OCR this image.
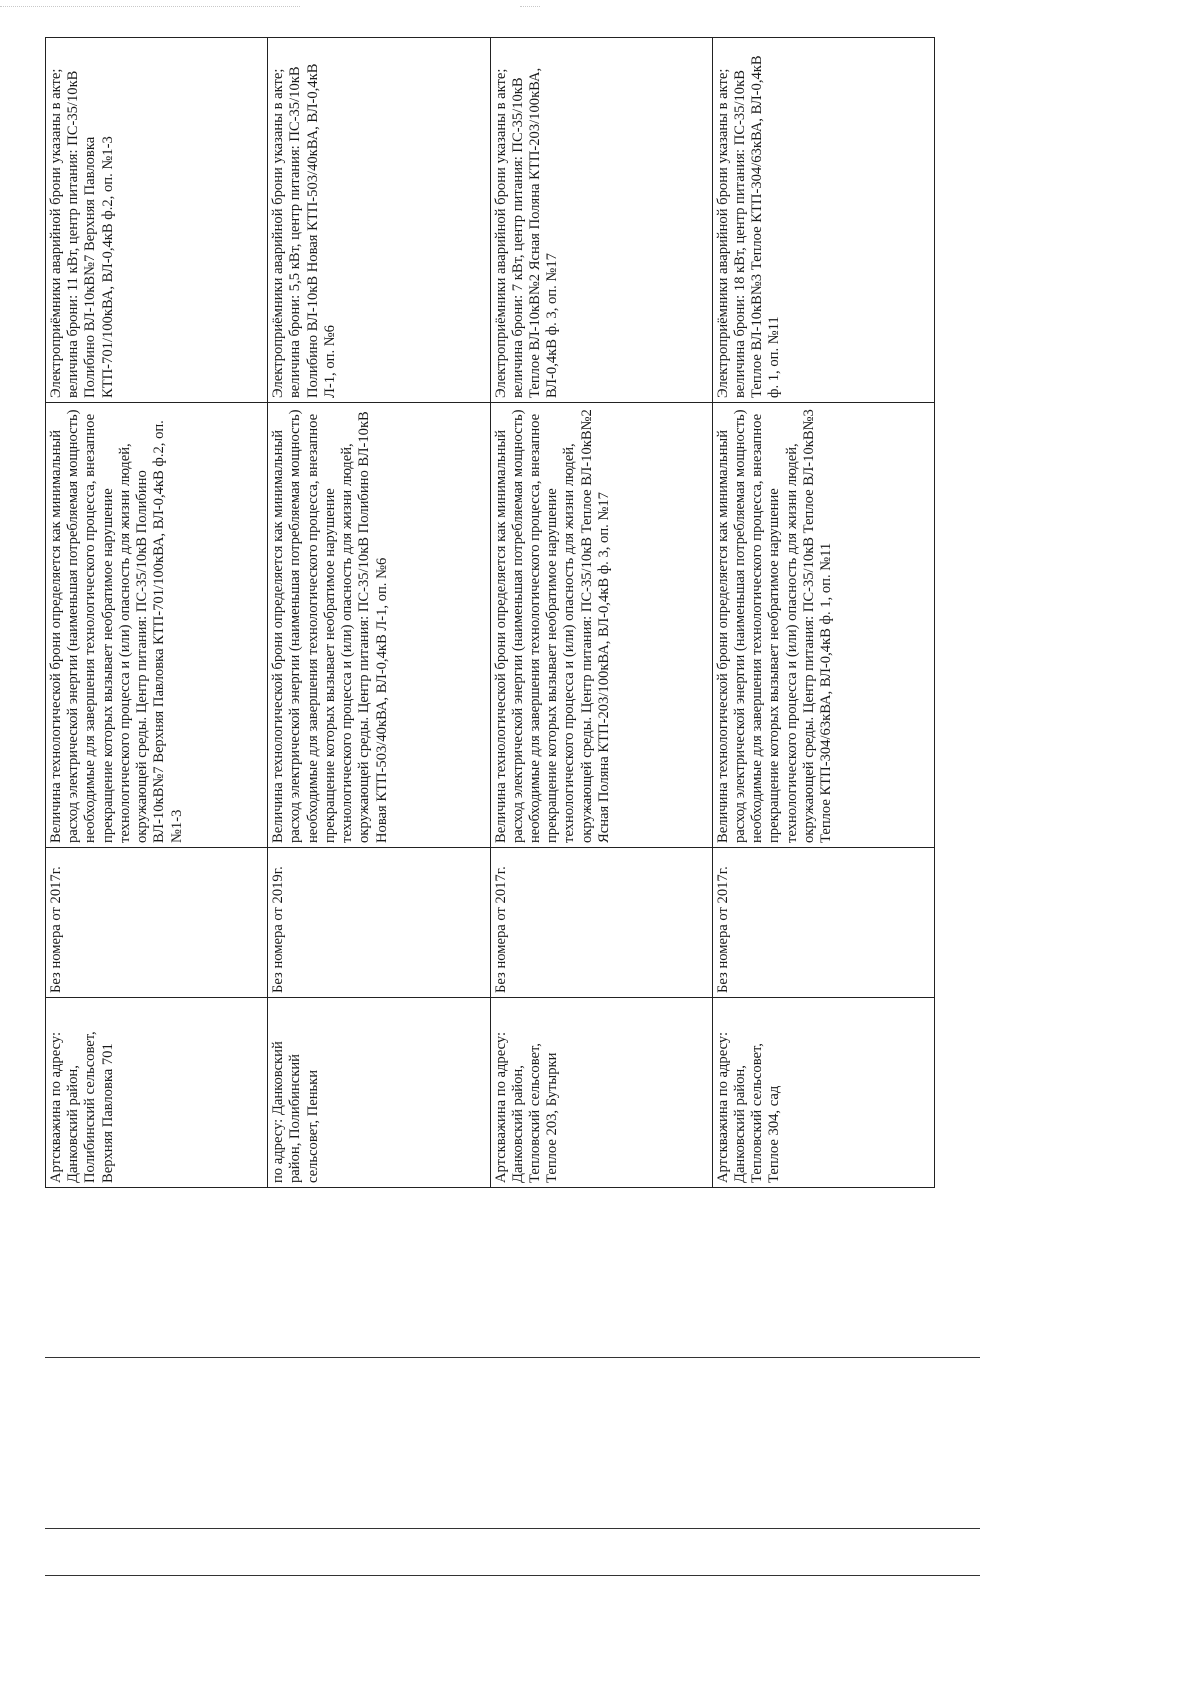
Артскважина по адресу: Данковский район, Полибинский сельсовет, Верхняя Павловка 701	Без номера от 2017г.	Величина технологической брони определяется как минимальный расход электрической энергии (наименьшая потребляемая мощность) необходимые для завершения технологического процесса, внезапное прекращение которых вызывает необратимое нарушение технологического процесса и (или) опасность для жизни людей, окружающей среды. Центр питания: ПС-35/10кВ Полибино ВЛ-10кВ№7 Верхняя Павловка КТП-701/100кВА, ВЛ-0,4кВ ф.2, оп. №1-3	Электроприёмники аварийной брони указаны в акте; величина брони: 11 кВт, центр питания: ПС-35/10кВ Полибино ВЛ-10кВ№7 Верхняя Павловка КТП-701/100кВА, ВЛ-0,4кВ ф.2, оп. №1-3
по адресу: Данковский район, Полибинский сельсовет, Пеньки	Без номера от 2019г.	Величина технологической брони определяется как минимальный расход электрической энергии (наименьшая потребляемая мощность) необходимые для завершения технологического процесса, внезапное прекращение которых вызывает необратимое нарушение технологического процесса и (или) опасность для жизни людей, окружающей среды. Центр питания: ПС-35/10кВ Полибино ВЛ-10кВ Новая КТП-503/40кВА, ВЛ-0,4кВ Л-1, оп. №6	Электроприёмники аварийной брони указаны в акте; величина брони: 5,5 кВт, центр питания: ПС-35/10кВ Полибино ВЛ-10кВ Новая КТП-503/40кВА, ВЛ-0,4кВ Л-1, оп. №6
Артскважина по адресу: Данковский район, Тепловский сельсовет, Теплое 203, Бутырки	Без номера от 2017г.	Величина технологической брони определяется как минимальный расход электрической энергии (наименьшая потребляемая мощность) необходимые для завершения технологического процесса, внезапное прекращение которых вызывает необратимое нарушение технологического процесса и (или) опасность для жизни людей, окружающей среды. Центр питания: ПС-35/10кВ Теплое ВЛ-10кВ№2 Ясная Поляна КТП-203/100кВА, ВЛ-0,4кВ ф. 3, оп. №17	Электроприёмники аварийной брони указаны в акте; величина брони: 7 кВт, центр питания: ПС-35/10кВ Теплое ВЛ-10кВ№2 Ясная Поляна КТП-203/100кВА, ВЛ-0,4кВ ф. 3, оп. №17
Артскважина по адресу: Данковский район, Тепловский сельсовет, Теплое 304, сад	Без номера от 2017г.	Величина технологической брони определяется как минимальный расход электрической энергии (наименьшая потребляемая мощность) необходимые для завершения технологического процесса, внезапное прекращение которых вызывает необратимое нарушение технологического процесса и (или) опасность для жизни людей, окружающей среды. Центр питания: ПС-35/10кВ Теплое ВЛ-10кВ№3 Теплое КТП-304/63кВА, ВЛ-0,4кВ ф. 1, оп. №11	Электроприёмники аварийной брони указаны в акте; величина брони: 18 кВт, центр питания: ПС-35/10кВ Теплое ВЛ-10кВ№3 Теплое КТП-304/63кВА, ВЛ-0,4кВ ф. 1, оп. №11
